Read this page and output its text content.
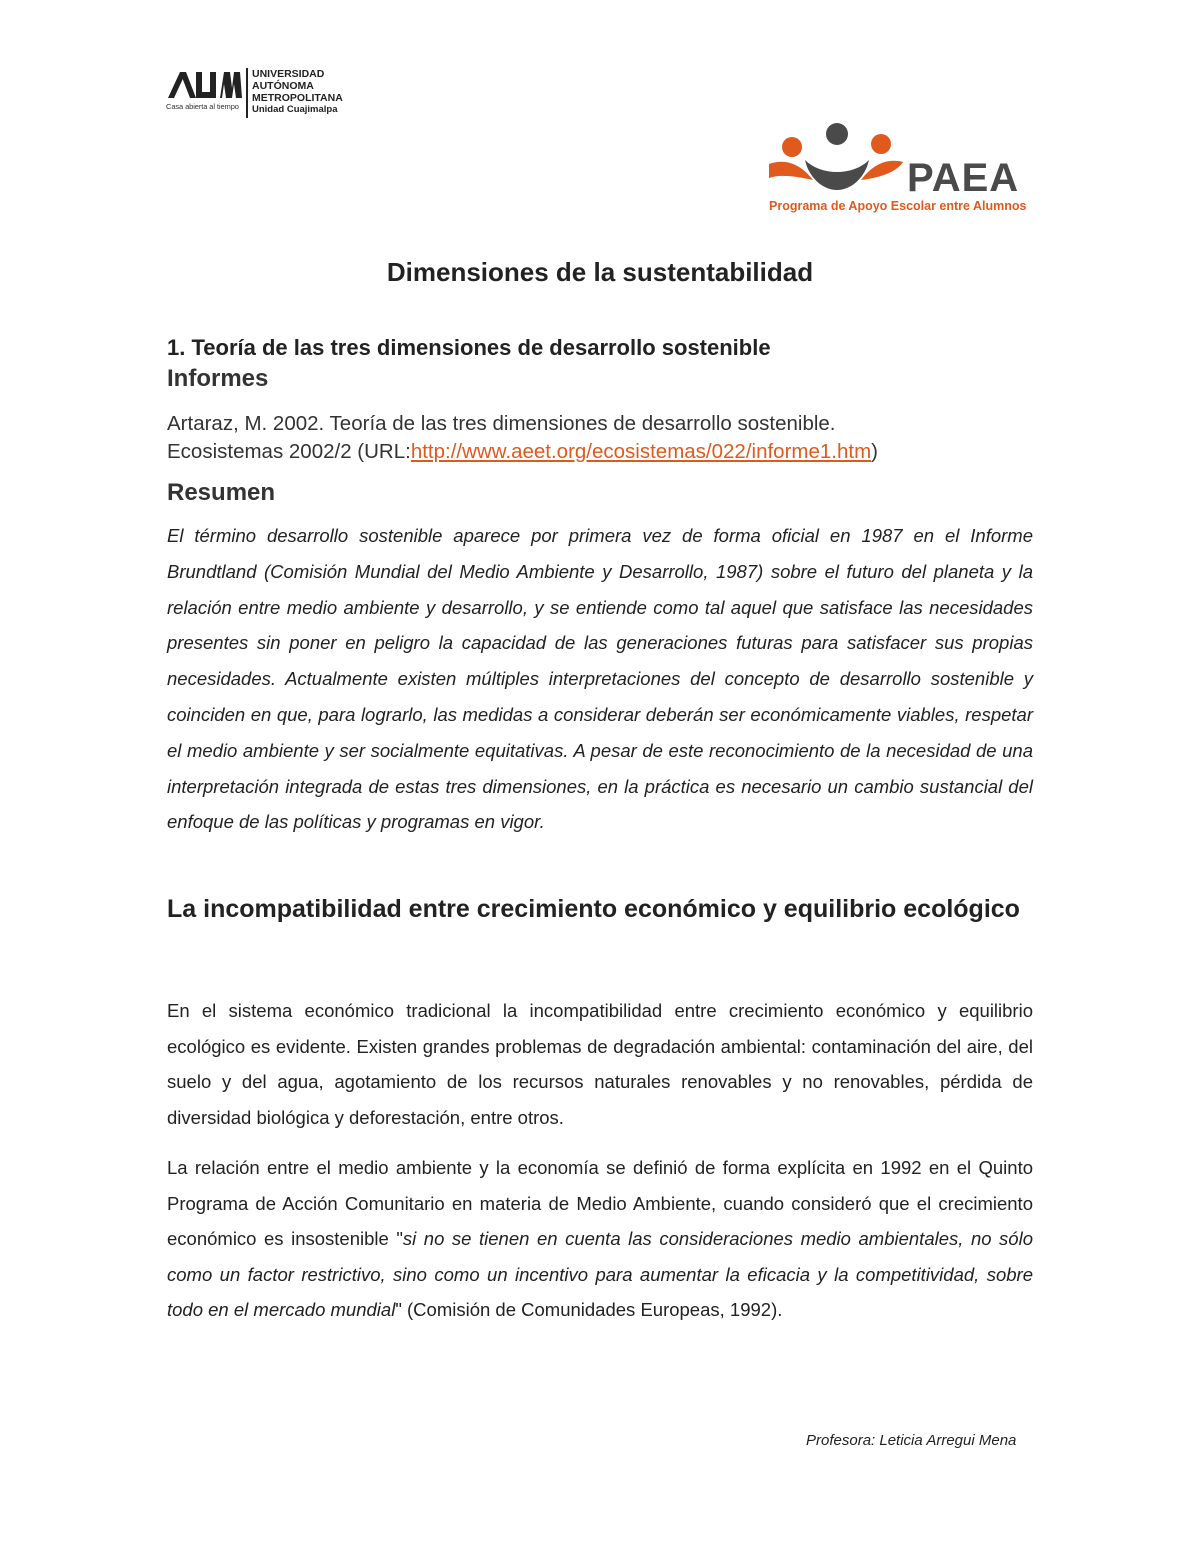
Casa abierta al tiempo
UNIVERSIDAD
AUTÓNOMA
METROPOLITANA
Unidad Cuajimalpa
PAEA
Programa de Apoyo Escolar entre Alumnos
Dimensiones de la sustentabilidad
1. Teoría de las tres dimensiones de desarrollo sostenible
Informes
Artaraz, M. 2002. Teoría de las tres dimensiones de desarrollo sostenible.
Ecosistemas 2002/2 (URL:http://www.aeet.org/ecosistemas/022/informe1.htm)
Resumen

El término desarrollo sostenible aparece por primera vez de forma oficial en 1987 en el Informe Brundtland (Comisión Mundial del Medio Ambiente y Desarrollo, 1987) sobre el futuro del planeta y la relación entre medio ambiente y desarrollo, y se entiende como tal aquel que satisface las necesidades presentes sin poner en peligro la capacidad de las generaciones futuras para satisfacer sus propias necesidades. Actualmente existen múltiples interpretaciones del concepto de desarrollo sostenible y coinciden en que, para lograrlo, las medidas a considerar deberán ser económicamente viables, respetar el medio ambiente y ser socialmente equitativas. A pesar de este reconocimiento de la necesidad de una interpretación integrada de estas tres dimensiones, en la práctica es necesario un cambio sustancial del enfoque de las políticas y programas en vigor.

La incompatibilidad entre crecimiento económico y equilibrio ecológico

En el sistema económico tradicional la incompatibilidad entre crecimiento económico y equilibrio ecológico es evidente. Existen grandes problemas de degradación ambiental: contaminación del aire, del suelo y del agua, agotamiento de los recursos naturales renovables y no renovables, pérdida de diversidad biológica y deforestación, entre otros.

La relación entre el medio ambiente y la economía se definió de forma explícita en 1992 en el Quinto Programa de Acción Comunitario en materia de Medio Ambiente, cuando consideró que el crecimiento económico es insostenible "si no se tienen en cuenta las consideraciones medio ambientales, no sólo como un factor restrictivo, sino como un incentivo para aumentar la eficacia y la competitividad, sobre todo en el mercado mundial" (Comisión de Comunidades Europeas, 1992).

Profesora: Leticia Arregui Mena
